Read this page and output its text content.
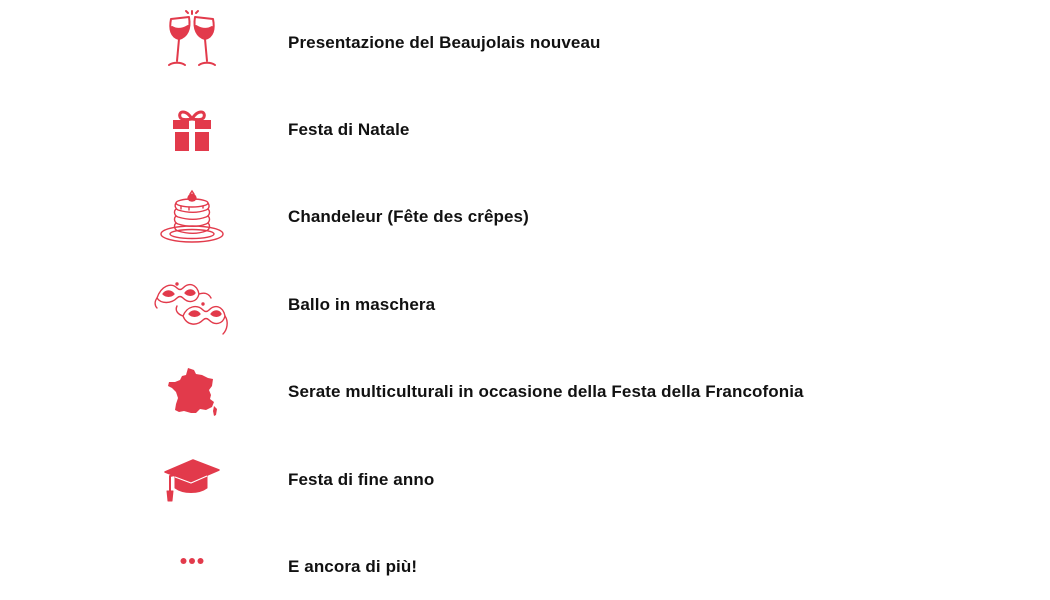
Presentazione del Beaujolais nouveau
Festa di Natale
Chandeleur (Fête des crêpes)
Ballo in maschera
Serate multiculturali in occasione della Festa della Francofonia
Festa di fine anno
E ancora di più!
